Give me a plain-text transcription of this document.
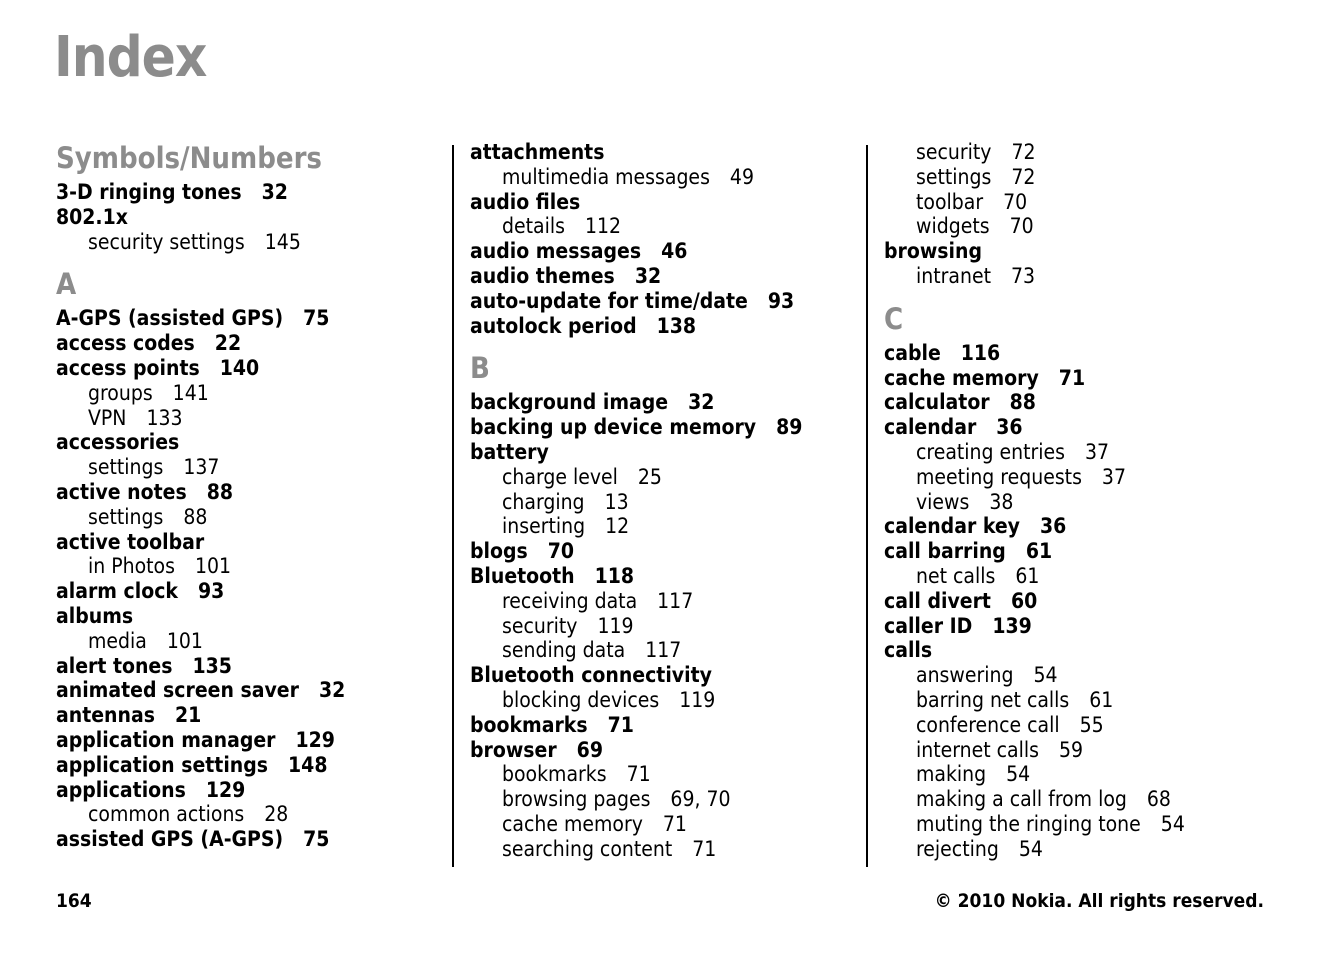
Index
Symbols/Numbers
3-D ringing tones 32
802.1x
security settings 145
A
A-GPS (assisted GPS) 75
access codes 22
access points 140
groups 141
VPN 133
accessories
settings 137
active notes 88
settings 88
active toolbar
in Photos 101
alarm clock 93
albums
media 101
alert tones 135
animated screen saver 32
antennas 21
application manager 129
application settings 148
applications 129
common actions 28
assisted GPS (A-GPS) 75
attachments
multimedia messages 49
audio files
details 112
audio messages 46
audio themes 32
auto-update for time/date 93
autolock period 138
B
background image 32
backing up device memory 89
battery
charge level 25
charging 13
inserting 12
blogs 70
Bluetooth 118
receiving data 117
security 119
sending data 117
Bluetooth connectivity
blocking devices 119
bookmarks 71
browser 69
bookmarks 71
browsing pages 69, 70
cache memory 71
searching content 71
security 72
settings 72
toolbar 70
widgets 70
browsing
intranet 73
C
cable 116
cache memory 71
calculator 88
calendar 36
creating entries 37
meeting requests 37
views 38
calendar key 36
call barring 61
net calls 61
call divert 60
caller ID 139
calls
answering 54
barring net calls 61
conference call 55
internet calls 59
making 54
making a call from log 68
muting the ringing tone 54
rejecting 54
164	© 2010 Nokia. All rights reserved.
